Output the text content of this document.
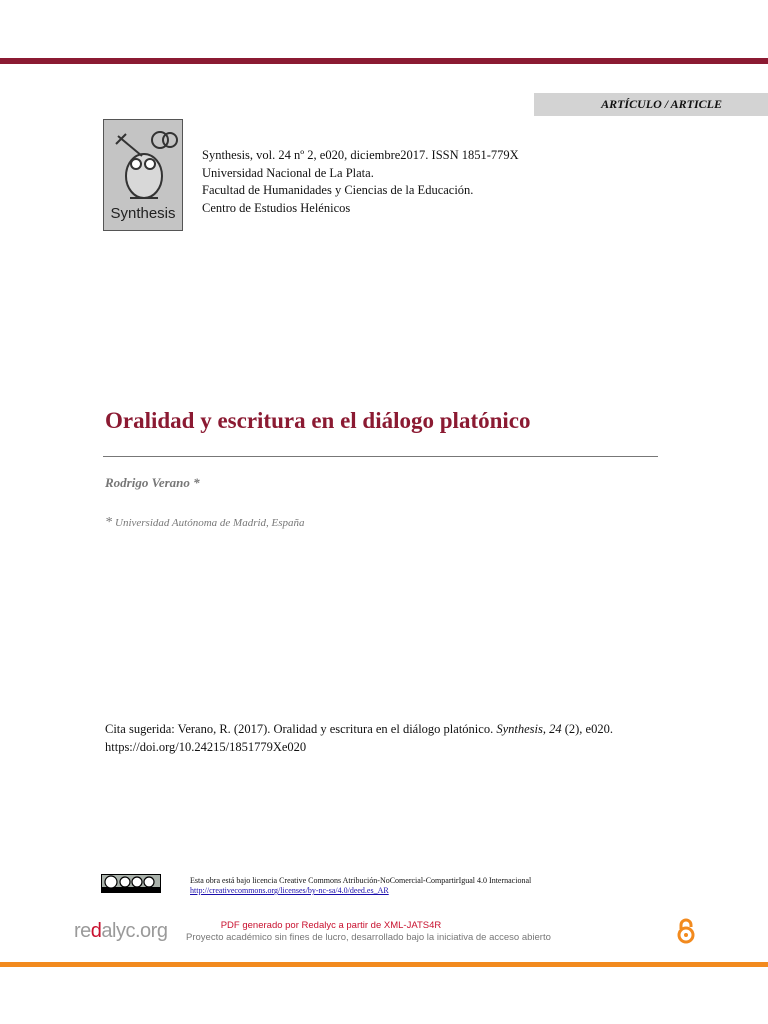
ARTÍCULO / ARTICLE
Synthesis
Synthesis, vol. 24 nº 2, e020, diciembre2017. ISSN 1851-779X
Universidad Nacional de La Plata.
Facultad de Humanidades y Ciencias de la Educación.
Centro de Estudios Helénicos
Oralidad y escritura en el diálogo platónico
Rodrigo Verano *
* Universidad Autónoma de Madrid, España
Cita sugerida: Verano, R. (2017). Oralidad y escritura en el diálogo platónico. Synthesis, 24 (2), e020.
https://doi.org/10.24215/1851779Xe020
Esta obra está bajo licencia Creative Commons Atribución-NoComercial-CompartirIgual 4.0 Internacional
http://creativecommons.org/licenses/by-nc-sa/4.0/deed.es_AR
redalyc.org	PDF generado por Redalyc a partir de XML-JATS4R
Proyecto académico sin fines de lucro, desarrollado bajo la iniciativa de acceso abierto
